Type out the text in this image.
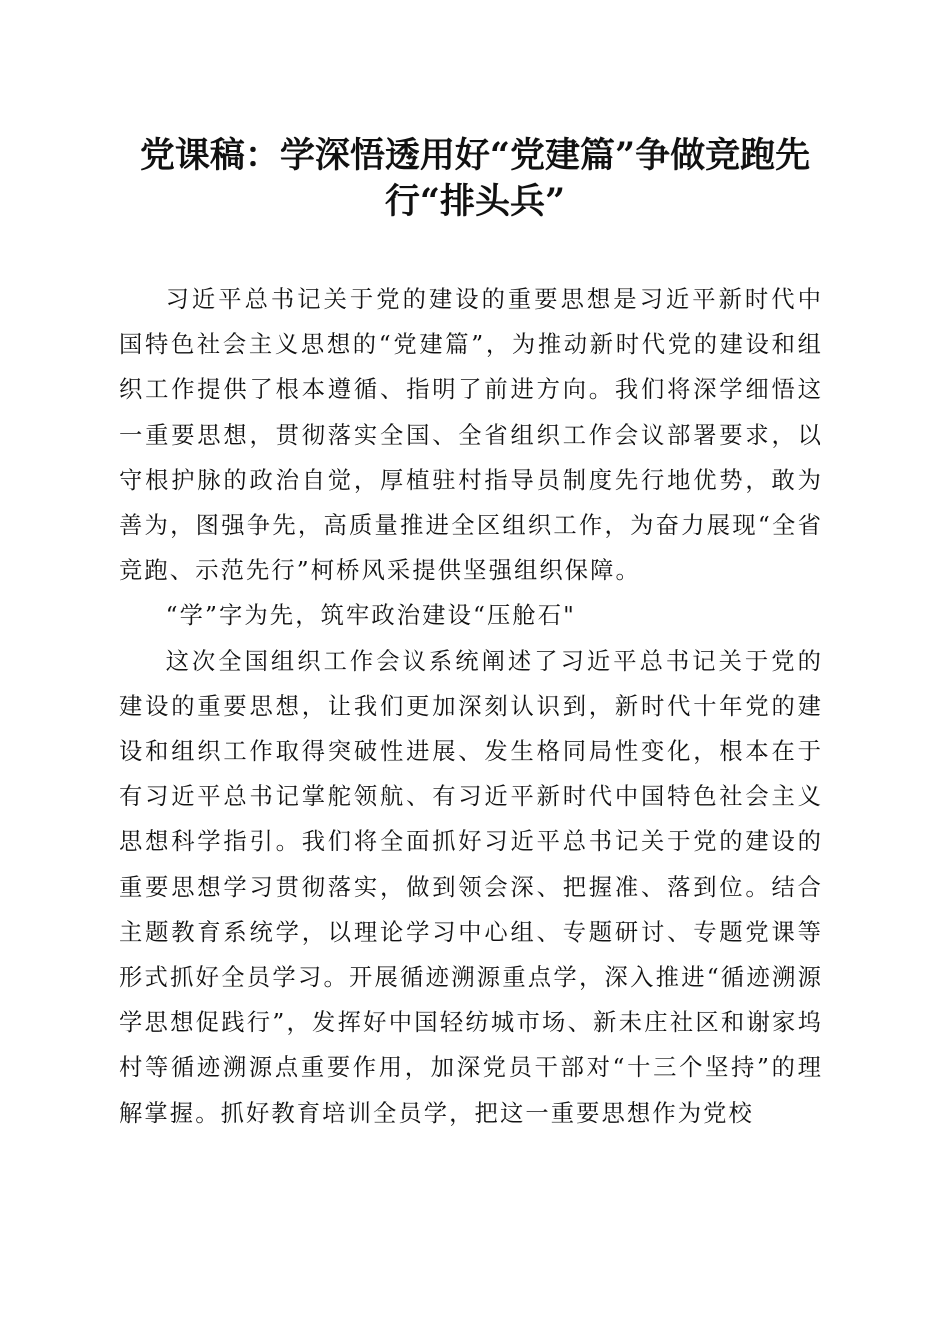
党课稿：学深悟透用好“党建篇”争做竞跑先行“排头兵”

习近平总书记关于党的建设的重要思想是习近平新时代中国特色社会主义思想的“党建篇”，为推动新时代党的建设和组织工作提供了根本遵循、指明了前进方向。我们将深学细悟这一重要思想，贯彻落实全国、全省组织工作会议部署要求，以守根护脉的政治自觉，厚植驻村指导员制度先行地优势，敢为善为，图强争先，高质量推进全区组织工作，为奋力展现“全省竞跑、示范先行”柯桥风采提供坚强组织保障。

“学”字为先，筑牢政治建设“压舱石"

这次全国组织工作会议系统阐述了习近平总书记关于党的建设的重要思想，让我们更加深刻认识到，新时代十年党的建设和组织工作取得突破性进展、发生格同局性变化，根本在于有习近平总书记掌舵领航、有习近平新时代中国特色社会主义思想科学指引。我们将全面抓好习近平总书记关于党的建设的重要思想学习贯彻落实，做到领会深、把握准、落到位。结合主题教育系统学，以理论学习中心组、专题研讨、专题党课等形式抓好全员学习。开展循迹溯源重点学，深入推进“循迹溯源学思想促践行”，发挥好中国轻纺城市场、新未庄社区和谢家坞村等循迹溯源点重要作用，加深党员干部对“十三个坚持”的理解掌握。抓好教育培训全员学，把这一重要思想作为党校
